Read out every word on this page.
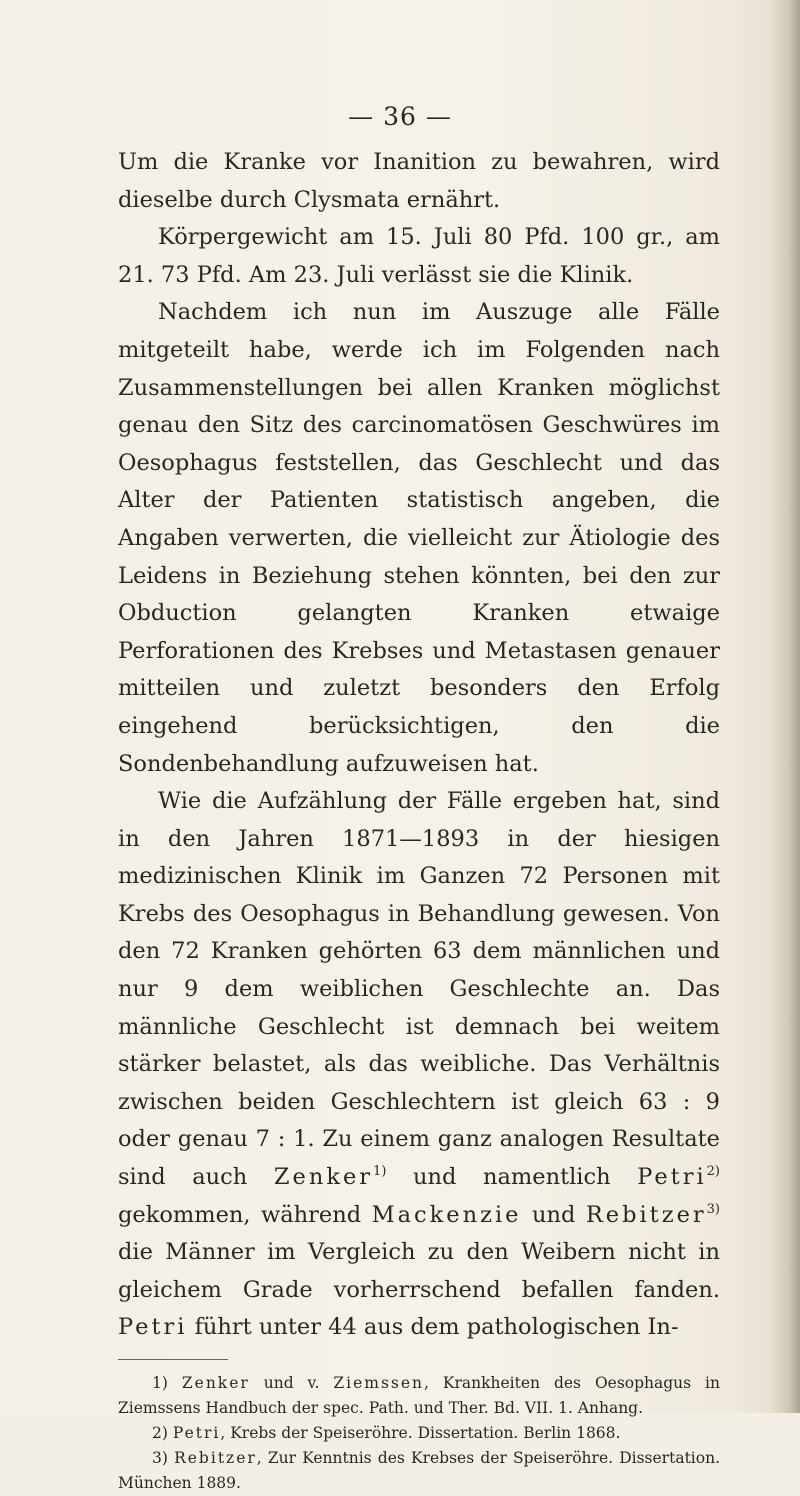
— 36 —

Um die Kranke vor Inanition zu bewahren, wird dieselbe durch Clysmata ernährt.

Körpergewicht am 15. Juli 80 Pfd. 100 gr., am 21. 73 Pfd. Am 23. Juli verlässt sie die Klinik.

Nachdem ich nun im Auszuge alle Fälle mitgeteilt habe, werde ich im Folgenden nach Zusammenstellungen bei allen Kranken möglichst genau den Sitz des carcinomatösen Geschwüres im Oesophagus feststellen, das Geschlecht und das Alter der Patienten statistisch angeben, die Angaben verwerten, die vielleicht zur Ätiologie des Leidens in Beziehung stehen könnten, bei den zur Obduction gelangten Kranken etwaige Perforationen des Krebses und Metastasen genauer mitteilen und zuletzt besonders den Erfolg eingehend berücksichtigen, den die Sondenbehandlung aufzuweisen hat.

Wie die Aufzählung der Fälle ergeben hat, sind in den Jahren 1871—1893 in der hiesigen medizinischen Klinik im Ganzen 72 Personen mit Krebs des Oesophagus in Behandlung gewesen. Von den 72 Kranken gehörten 63 dem männlichen und nur 9 dem weiblichen Geschlechte an. Das männliche Geschlecht ist demnach bei weitem stärker belastet, als das weibliche. Das Verhältnis zwischen beiden Geschlechtern ist gleich 63 : 9 oder genau 7 : 1. Zu einem ganz analogen Resultate sind auch Zenker$^{1)}$ und namentlich Petri$^{2)}$ gekommen, während Mackenzie und Rebitzer$^{3)}$ die Männer im Vergleich zu den Weibern nicht in gleichem Grade vorherrschend befallen fanden. Petri führt unter 44 aus dem pathologischen In-

1) Zenker und v. Ziemssen, Krankheiten des Oesophagus in Ziemssens Handbuch der spec. Path. und Ther. Bd. VII. 1. Anhang.

2) Petri, Krebs der Speiseröhre. Dissertation. Berlin 1868.

3) Rebitzer, Zur Kenntnis des Krebses der Speiseröhre. Dissertation. München 1889.
